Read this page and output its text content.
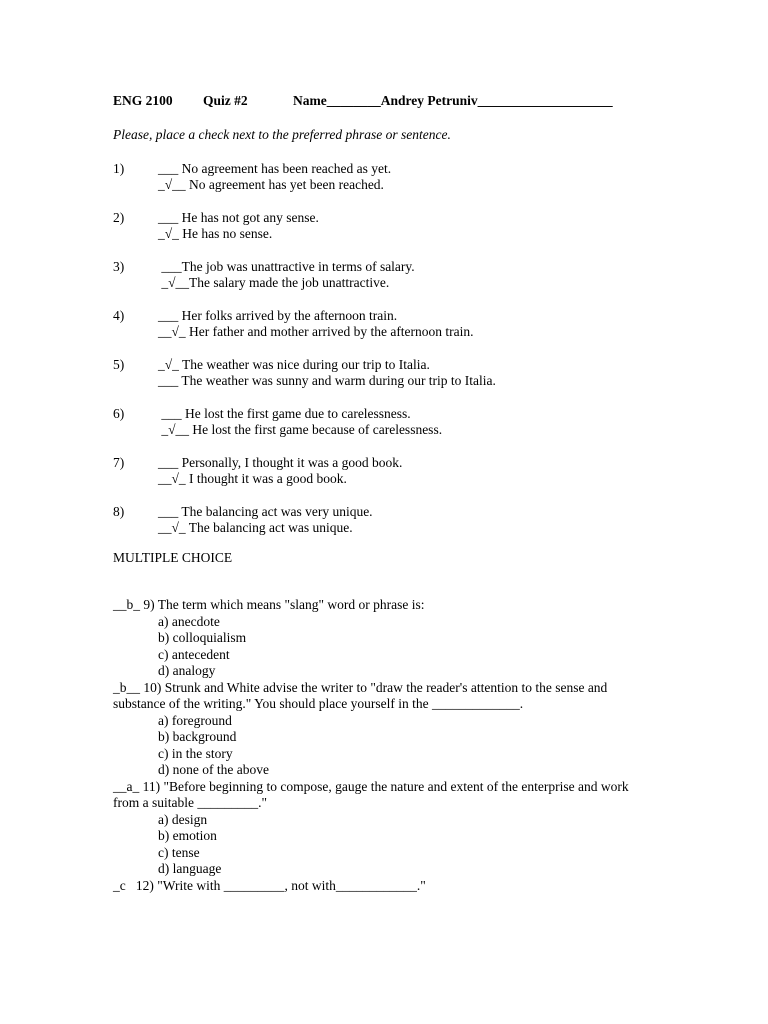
ENG 2100 Quiz #2	Name________Andrey Petruniv____________________
Please, place a check next to the preferred phrase or sentence.
1)	___ No agreement has been reached as yet.
_√__ No agreement has yet been reached.
2)	___ He has not got any sense.
_√_ He has no sense.
3)	___The job was unattractive in terms of salary.
_√__The salary made the job unattractive.
4)	___ Her folks arrived by the afternoon train.
__√_ Her father and mother arrived by the afternoon train.
5)	_√_ The weather was nice during our trip to Italia.
___ The weather was sunny and warm during our trip to Italia.
6)	___ He lost the first game due to carelessness.
_√__ He lost the first game because of carelessness.
7)	___ Personally, I thought it was a good book.
__√_ I thought it was a good book.
8)	___ The balancing act was very unique.
__√_ The balancing act was unique.
MULTIPLE CHOICE
__b_ 9) The term which means "slang" word or phrase is:
a) anecdote
b) colloquialism
c) antecedent
d) analogy
_b__ 10) Strunk and White advise the writer to "draw the reader's attention to the sense and substance of the writing." You should place yourself in the _____________.
a) foreground
b) background
c) in the story
d) none of the above
__a_ 11) "Before beginning to compose, gauge the nature and extent of the enterprise and work from a suitable _________."
a) design
b) emotion
c) tense
d) language
_c   12) "Write with _________, not with____________."
